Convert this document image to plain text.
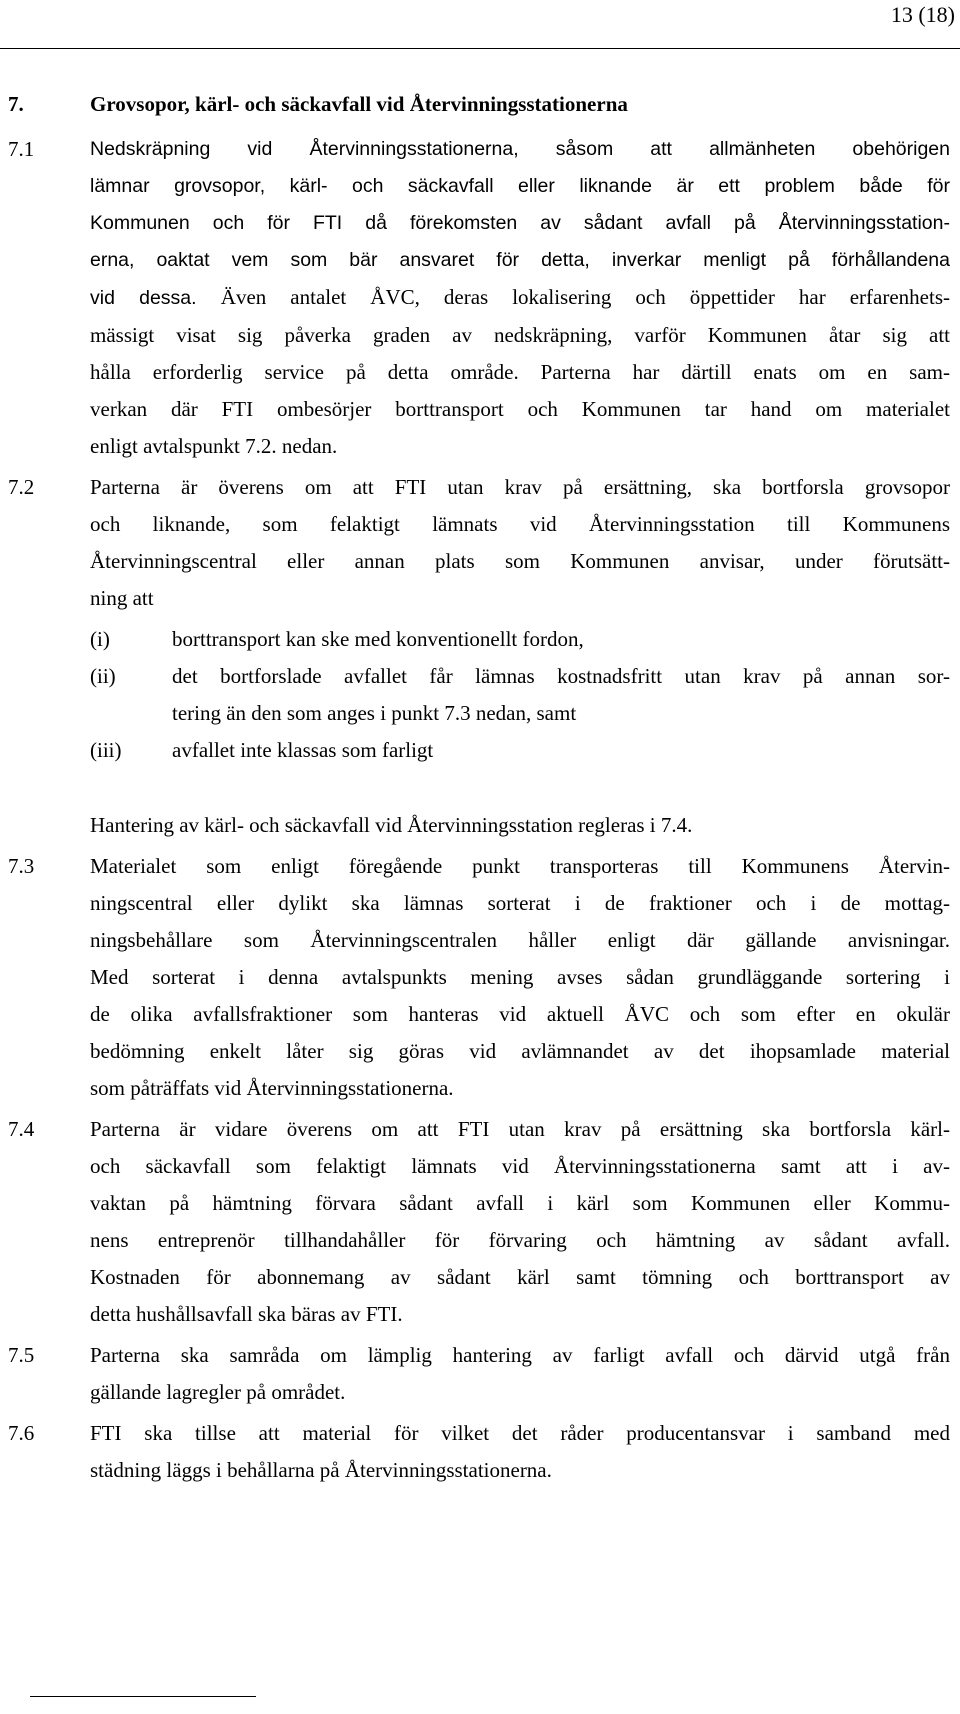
13 (18)
7.	Grovsopor, kärl- och säckavfall vid Återvinningsstationerna
7.1	Nedskräpning vid Återvinningsstationerna, såsom att allmänheten obehörigen
lämnar grovsopor, kärl- och säckavfall eller liknande är ett problem både för
Kommunen och för FTI då förekomsten av sådant avfall på Återvinningsstation-
erna, oaktat vem som bär ansvaret för detta, inverkar menligt på förhållandena
vid dessa. Även antalet ÅVC, deras lokalisering och öppettider har erfarenhets-
mässigt visat sig påverka graden av nedskräpning, varför Kommunen åtar sig att
hålla erforderlig service på detta område. Parterna har därtill enats om en sam-
verkan där FTI ombesörjer borttransport och Kommunen tar hand om materialet
enligt avtalspunkt 7.2. nedan.
7.2	Parterna är överens om att FTI utan krav på ersättning, ska bortforsla grovsopor
och liknande, som felaktigt lämnats vid Återvinningsstation till Kommunens
Återvinningscentral eller annan plats som Kommunen anvisar, under förutsätt-
ning att
(i)	borttransport kan ske med konventionellt fordon,
(ii)	det bortforslade avfallet får lämnas kostnadsfritt utan krav på annan sor-
tering än den som anges i punkt 7.3 nedan, samt
(iii) avfallet inte klassas som farligt
Hantering av kärl- och säckavfall vid Återvinningsstation regleras i 7.4.
7.3	Materialet som enligt föregående punkt transporteras till Kommunens Återvin-
ningscentral eller dylikt ska lämnas sorterat i de fraktioner och i de mottag-
ningsbehållare som Återvinningscentralen håller enligt där gällande anvisningar.
Med sorterat i denna avtalspunkts mening avses sådan grundläggande sortering i
de olika avfallsfraktioner som hanteras vid aktuell ÅVC och som efter en okulär
bedömning enkelt låter sig göras vid avlämnandet av det ihopsamlade material
som påträffats vid Återvinningsstationerna.
7.4	Parterna är vidare överens om att FTI utan krav på ersättning ska bortforsla kärl-
och säckavfall som felaktigt lämnats vid Återvinningsstationerna samt att i av-
vaktan på hämtning förvara sådant avfall i kärl som Kommunen eller Kommu-
nens entreprenör tillhandahåller för förvaring och hämtning av sådant avfall.
Kostnaden för abonnemang av sådant kärl samt tömning och borttransport av
detta hushållsavfall ska bäras av FTI.
7.5	Parterna ska samråda om lämplig hantering av farligt avfall och därvid utgå från
gällande lagregler på området.
7.6	FTI ska tillse att material för vilket det råder producentansvar i samband med
städning läggs i behållarna på Återvinningsstationerna.
